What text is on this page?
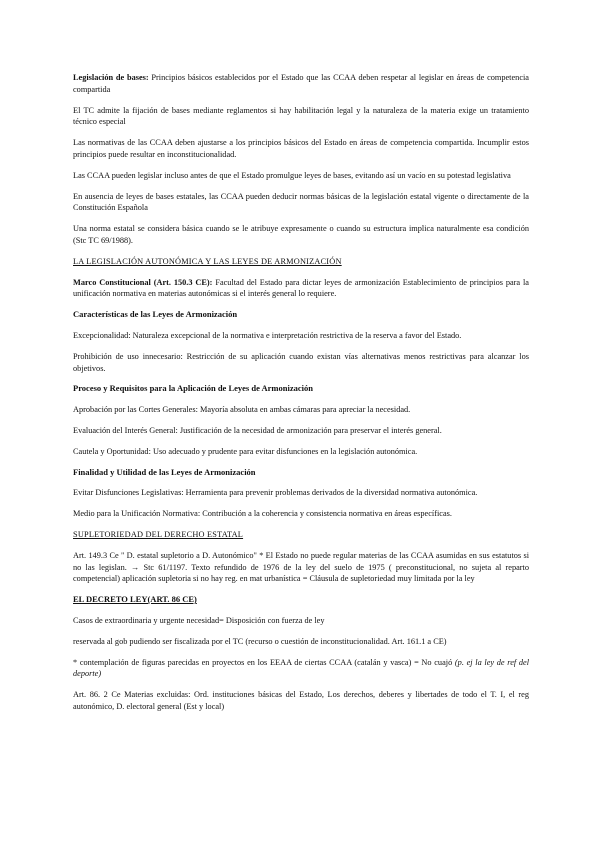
Legislación de bases: Principios básicos establecidos por el Estado que las CCAA deben respetar al legislar en áreas de competencia compartida

El TC admite la fijación de bases mediante reglamentos si hay habilitación legal y la naturaleza de la materia exige un tratamiento técnico especial

Las normativas de las CCAA deben ajustarse a los principios básicos del Estado en áreas de competencia compartida. Incumplir estos principios puede resultar en inconstitucionalidad.

Las CCAA pueden legislar incluso antes de que el Estado promulgue leyes de bases, evitando así un vacío en su potestad legislativa

En ausencia de leyes de bases estatales, las CCAA pueden deducir normas básicas de la legislación estatal vigente o directamente de la Constitución Española

Una norma estatal se considera básica cuando se le atribuye expresamente o cuando su estructura implica naturalmente esa condición (Stc TC 69/1988).

LA LEGISLACIÓN AUTONÓMICA Y LAS LEYES DE ARMONIZACIÓN

Marco Constitucional (Art. 150.3 CE): Facultad del Estado para dictar leyes de armonización Establecimiento de principios para la unificación normativa en materias autonómicas si el interés general lo requiere.

Características de las Leyes de Armonización

Excepcionalidad: Naturaleza excepcional de la normativa e interpretación restrictiva de la reserva a favor del Estado.

Prohibición de uso innecesario: Restricción de su aplicación cuando existan vías alternativas menos restrictivas para alcanzar los objetivos.

Proceso y Requisitos para la Aplicación de Leyes de Armonización

Aprobación por las Cortes Generales: Mayoría absoluta en ambas cámaras para apreciar la necesidad.

Evaluación del Interés General: Justificación de la necesidad de armonización para preservar el interés general.

Cautela y Oportunidad: Uso adecuado y prudente para evitar disfunciones en la legislación autonómica.

Finalidad y Utilidad de las Leyes de Armonización

Evitar Disfunciones Legislativas: Herramienta para prevenir problemas derivados de la diversidad normativa autonómica.

Medio para la Unificación Normativa: Contribución a la coherencia y consistencia normativa en áreas específicas.

SUPLETORIEDAD DEL DERECHO ESTATAL

Art. 149.3 Ce " D. estatal supletorio a D. Autonómico" * El Estado no puede regular materias de las CCAA asumidas en sus estatutos si no las legislan. → Stc 61/1197. Texto refundido de 1976 de la ley del suelo de 1975 ( preconstitucional, no sujeta al reparto competencial) aplicación supletoria si no hay reg. en mat urbanística = Cláusula de supletoriedad muy limitada por la ley

EL DECRETO LEY(ART. 86 CE)

Casos de extraordinaria y urgente necesidad= Disposición con fuerza de ley

reservada al gob pudiendo ser fiscalizada por el TC (recurso o cuestión de inconstitucionalidad. Art. 161.1 a CE)

* contemplación de figuras parecidas en proyectos en los EEAA de ciertas CCAA (catalán y vasca) = No cuajó (p. ej la ley de ref del deporte)

Art. 86. 2 Ce Materias excluidas: Ord. instituciones básicas del Estado, Los derechos, deberes y libertades de todo el T. I, el reg autonómico, D. electoral general (Est y local)
